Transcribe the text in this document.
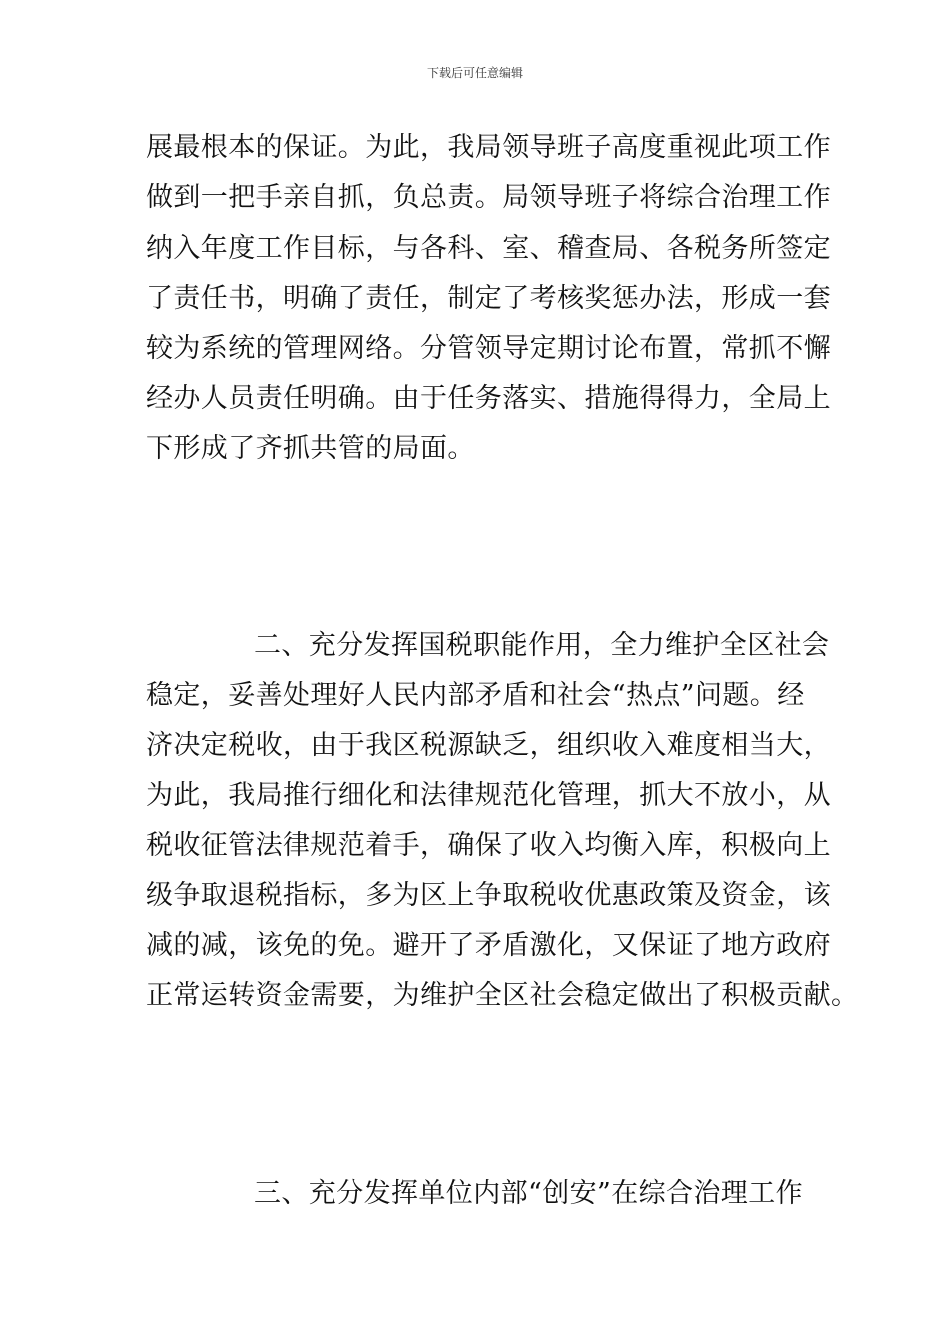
下载后可任意编辑
展最根本的保证。为此，我局领导班子高度重视此项工作
做到一把手亲自抓，负总责。局领导班子将综合治理工作
纳入年度工作目标，与各科、室、稽查局、各税务所签定
了责任书，明确了责任，制定了考核奖惩办法，形成一套
较为系统的管理网络。分管领导定期讨论布置，常抓不懈
经办人员责任明确。由于任务落实、措施得得力，全局上
下形成了齐抓共管的局面。
二、充分发挥国税职能作用，全力维护全区社会
稳定，妥善处理好人民内部矛盾和社会“热点”问题。经
济决定税收，由于我区税源缺乏，组织收入难度相当大，
为此，我局推行细化和法律规范化管理，抓大不放小，从
税收征管法律规范着手，确保了收入均衡入库，积极向上
级争取退税指标，多为区上争取税收优惠政策及资金，该
减的减，该免的免。避开了矛盾激化，又保证了地方政府
正常运转资金需要，为维护全区社会稳定做出了积极贡献。
三、充分发挥单位内部“创安”在综合治理工作
